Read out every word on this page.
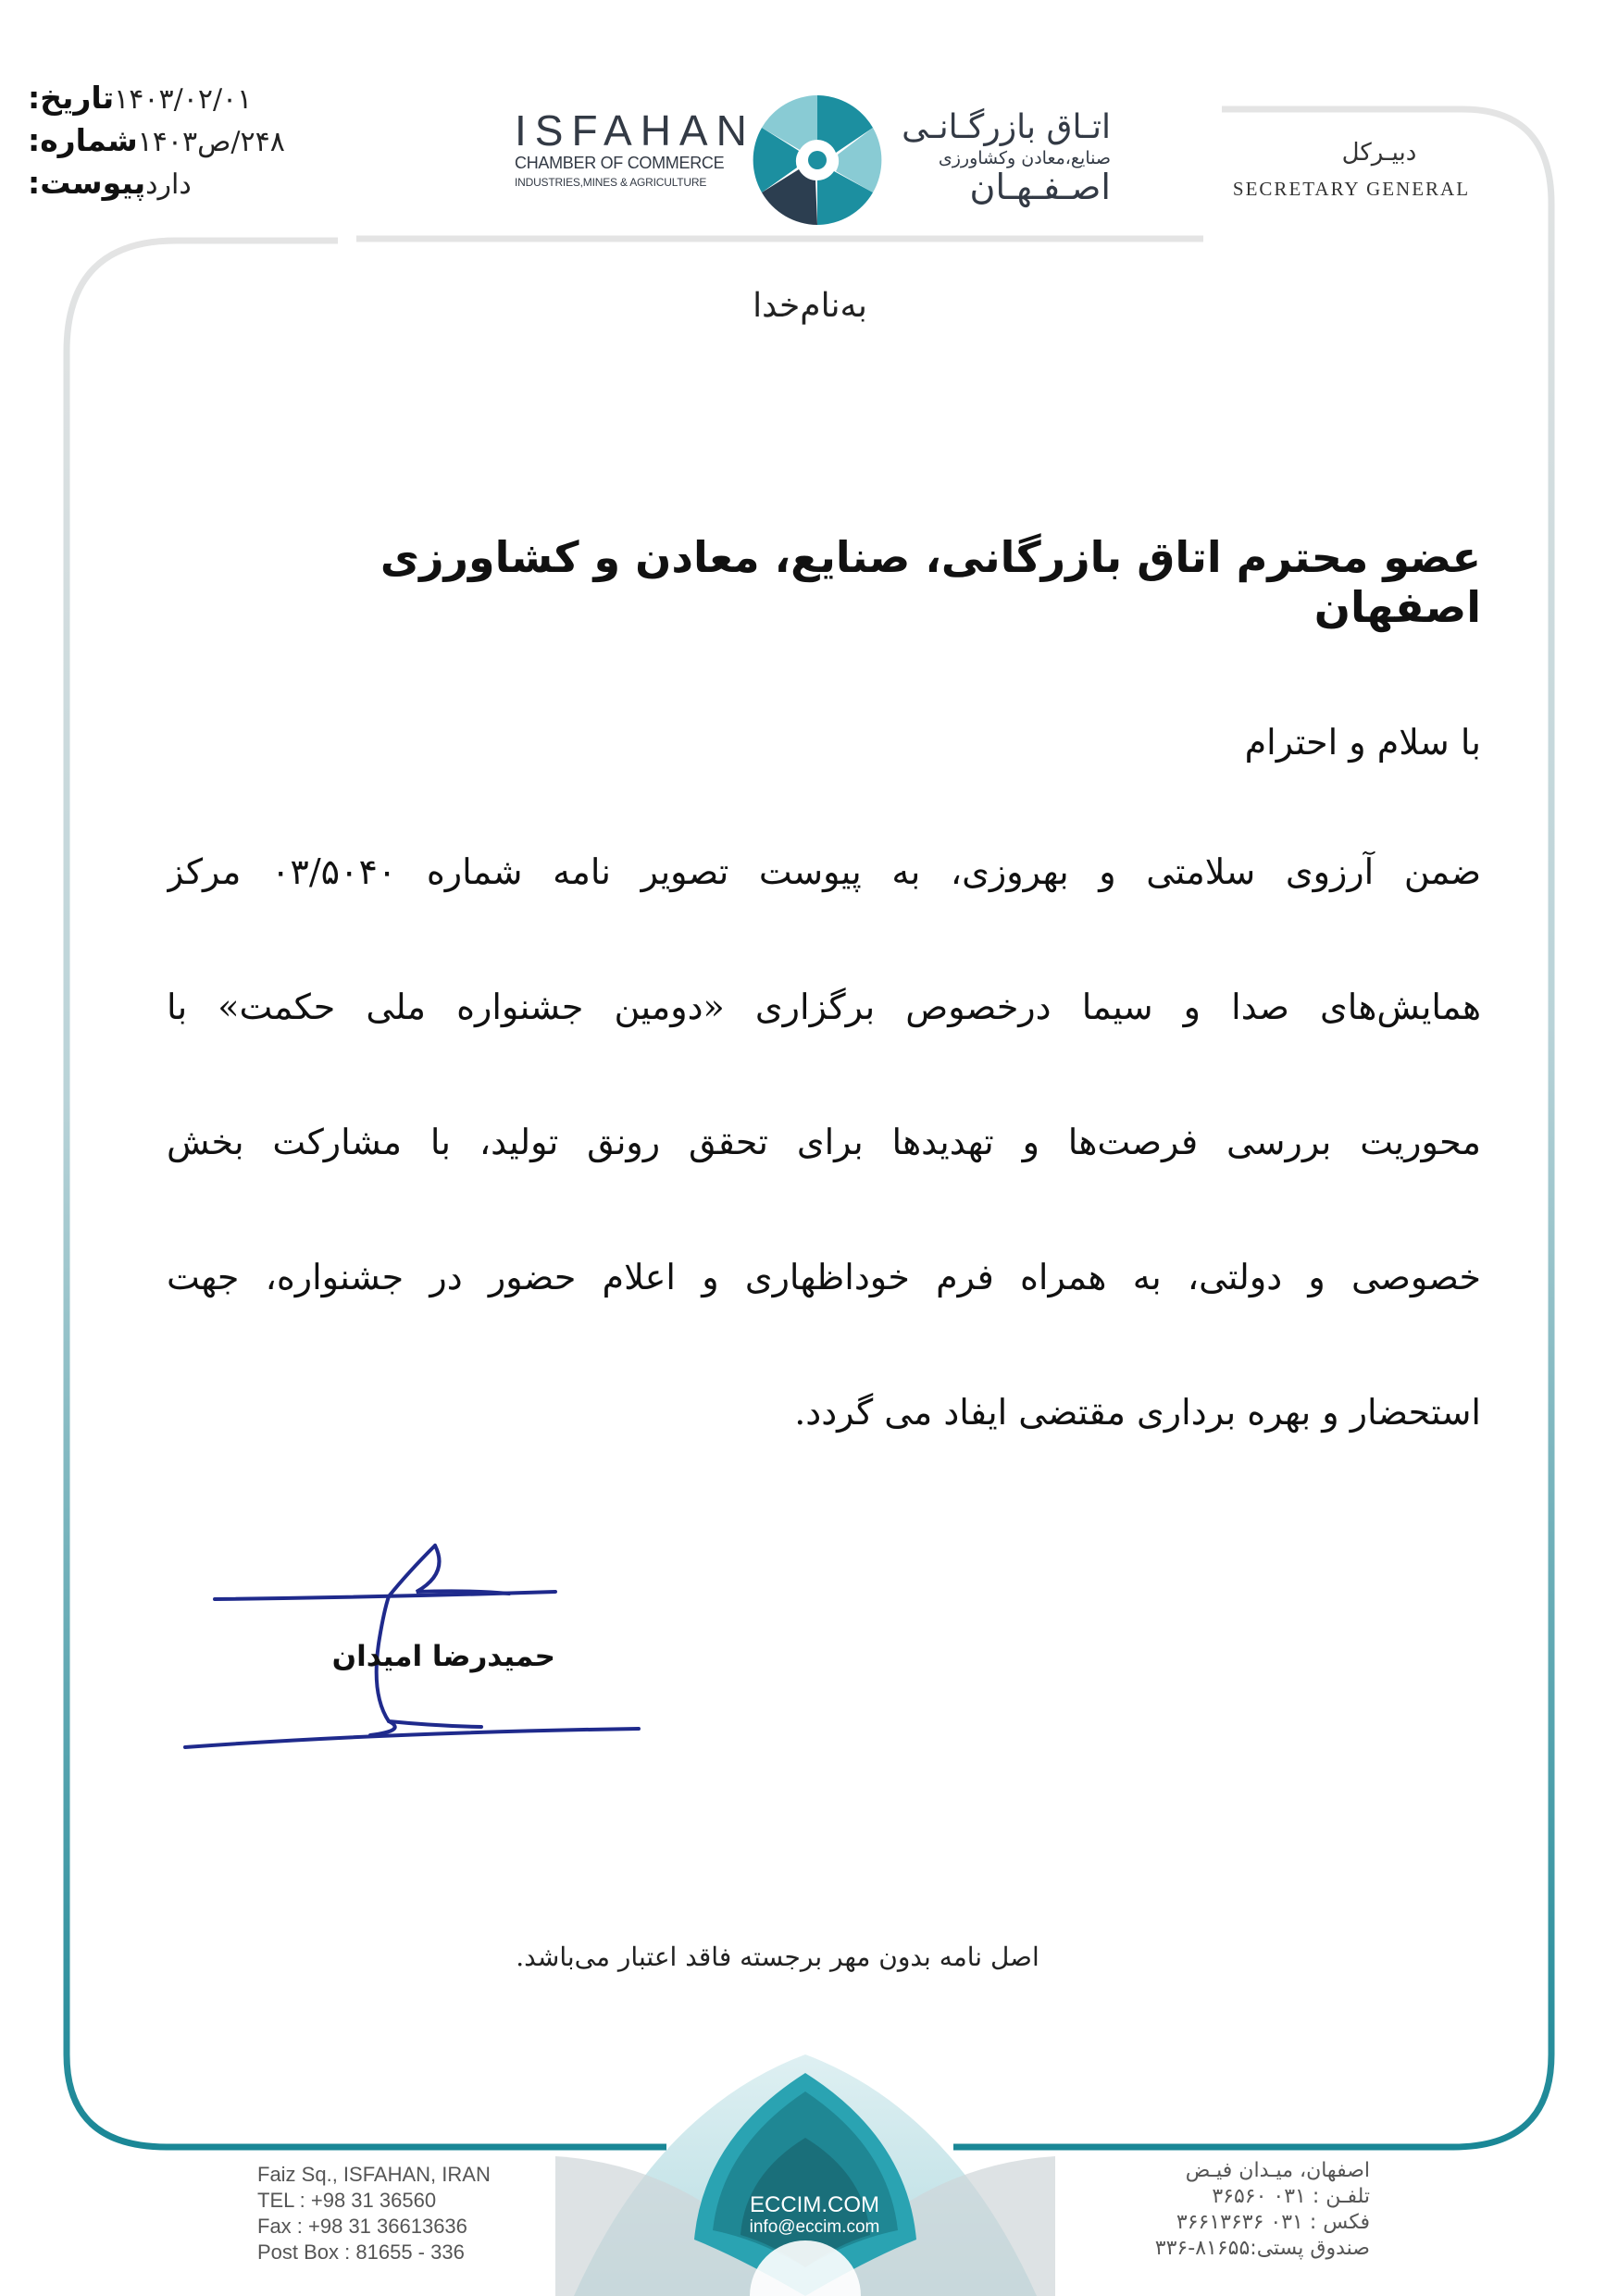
تاریخ: ۱۴۰۳/۰۲/۰۱
شماره: ۲۴۸/ص۱۴۰۳
پیوست: دارد
ISFAHAN
CHAMBER OF COMMERCE
INDUSTRIES,MINES & AGRICULTURE
اتـاق بازرگـانـی
صنایع،معادن وکشاورزی
اصـفـهـان
دبیـرکل
SECRETARY GENERAL
به‌نام‌خدا
عضو محترم اتاق بازرگانی، صنایع، معادن و کشاورزی اصفهان
با سلام و احترام
ضمن آرزوی سلامتی و بهروزی، به پیوست تصویر نامه شماره ۰۳/۵۰۴۰ مرکز
همایش‌های صدا و سیما درخصوص برگزاری «دومین جشنواره ملی حکمت» با
محوریت بررسی فرصت‌ها و تهدیدها برای تحقق رونق تولید، با مشارکت بخش
خصوصی و دولتی، به همراه فرم خوداظهاری و اعلام حضور در جشنواره، جهت
استحضار و بهره برداری مقتضی ایفاد می گردد.
حمیدرضا امیدان
اصل نامه بدون مهر برجسته فاقد اعتبار می‌باشد.
Faiz Sq., ISFAHAN, IRAN
TEL : +98 31 36560
Fax : +98 31 36613636
Post Box : 81655 - 336
ECCIM.COM
info@eccim.com
اصفهان، میـدان فیـض
تلفـن : ۰۳۱ ۳۶۵۶۰
فکس : ۰۳۱ ۳۶۶۱۳۶۳۶
صندوق پستی:۸۱۶۵۵-۳۳۶
